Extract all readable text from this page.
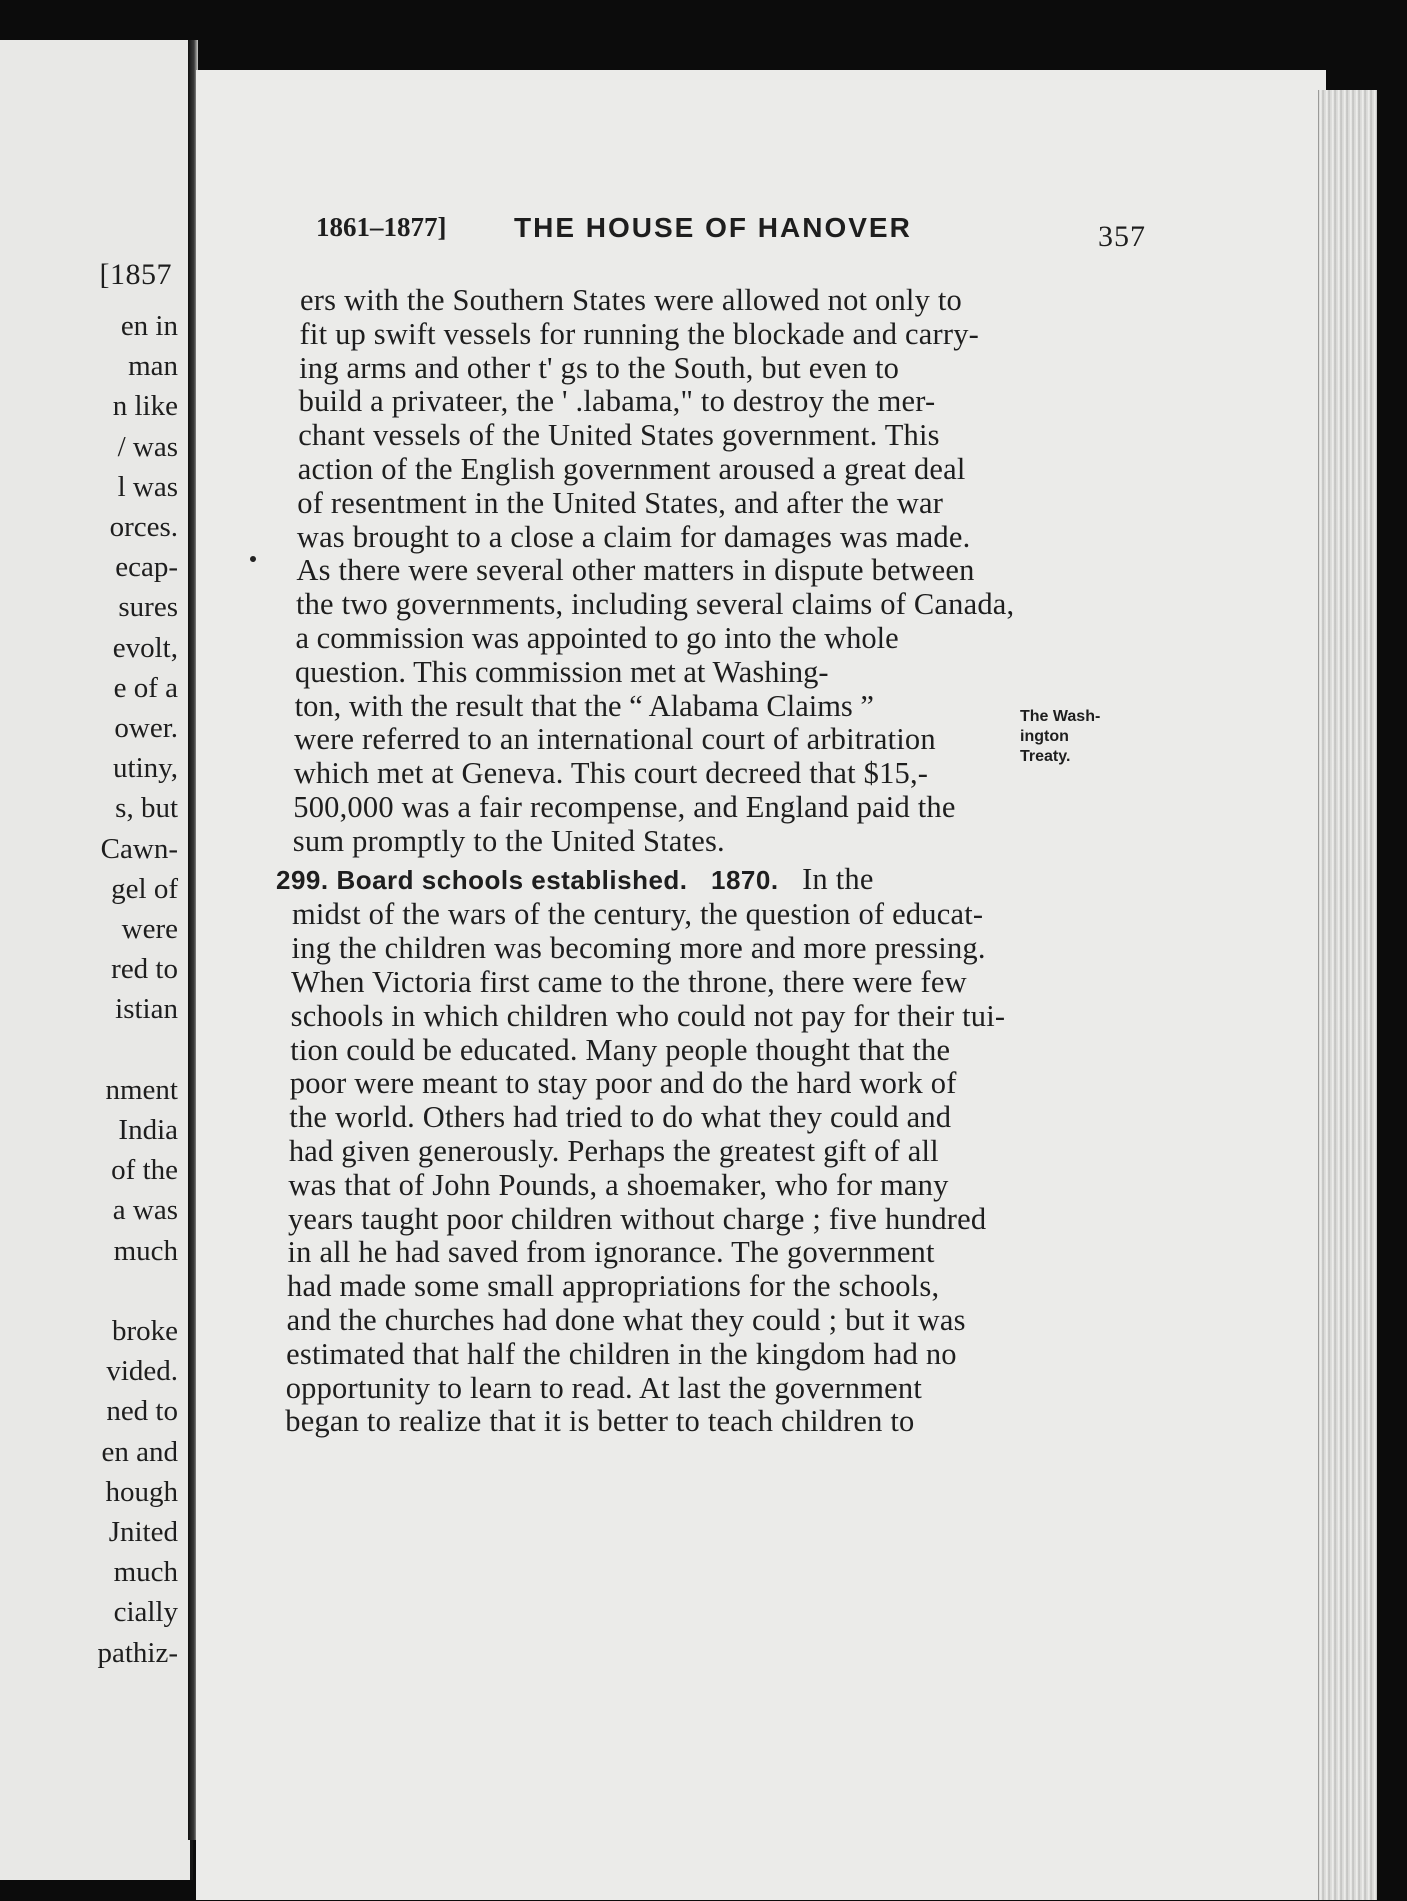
[1857
en in
man
n like
/ was
l was
orces.
ecap-
sures
evolt,
e of a
ower.
utiny,
s, but
Cawn-
gel of
were
red to
istian
nment
India
of the
a was
much
broke
vided.
ned to
en and
hough
Jnited
much
cially
pathiz-
1861–1877] THE HOUSE OF HANOVER	357
ers with the Southern States were allowed not only to
fit up swift vessels for running the blockade and carry-
ing arms and other t' gs to the South, but even to
build a privateer, the ' .labama," to destroy the mer-
chant vessels of the United States government. This
action of the English government aroused a great deal
of resentment in the United States, and after the war
was brought to a close a claim for damages was made.
As there were several other matters in dispute between
the two governments, including several claims of Canada,
a commission was appointed to go into the whole
question. This commission met at Washing-
ton, with the result that the “ Alabama Claims ”
were referred to an international court of arbitration
which met at Geneva. This court decreed that $15,-
500,000 was a fair recompense, and England paid the
sum promptly to the United States.
midst of the wars of the century, the question of educat-
ing the children was becoming more and more pressing.
When Victoria first came to the throne, there were few
schools in which children who could not pay for their tui-
tion could be educated. Many people thought that the
poor were meant to stay poor and do the hard work of
the world. Others had tried to do what they could and
had given generously. Perhaps the greatest gift of all
was that of John Pounds, a shoemaker, who for many
years taught poor children without charge ; five hundred
in all he had saved from ignorance. The government
had made some small appropriations for the schools,
and the churches had done what they could ; but it was
estimated that half the children in the kingdom had no
opportunity to learn to read. At last the government
began to realize that it is better to teach children to
299. Board schools established. 1870. In the
The Wash-
ington
Treaty.
